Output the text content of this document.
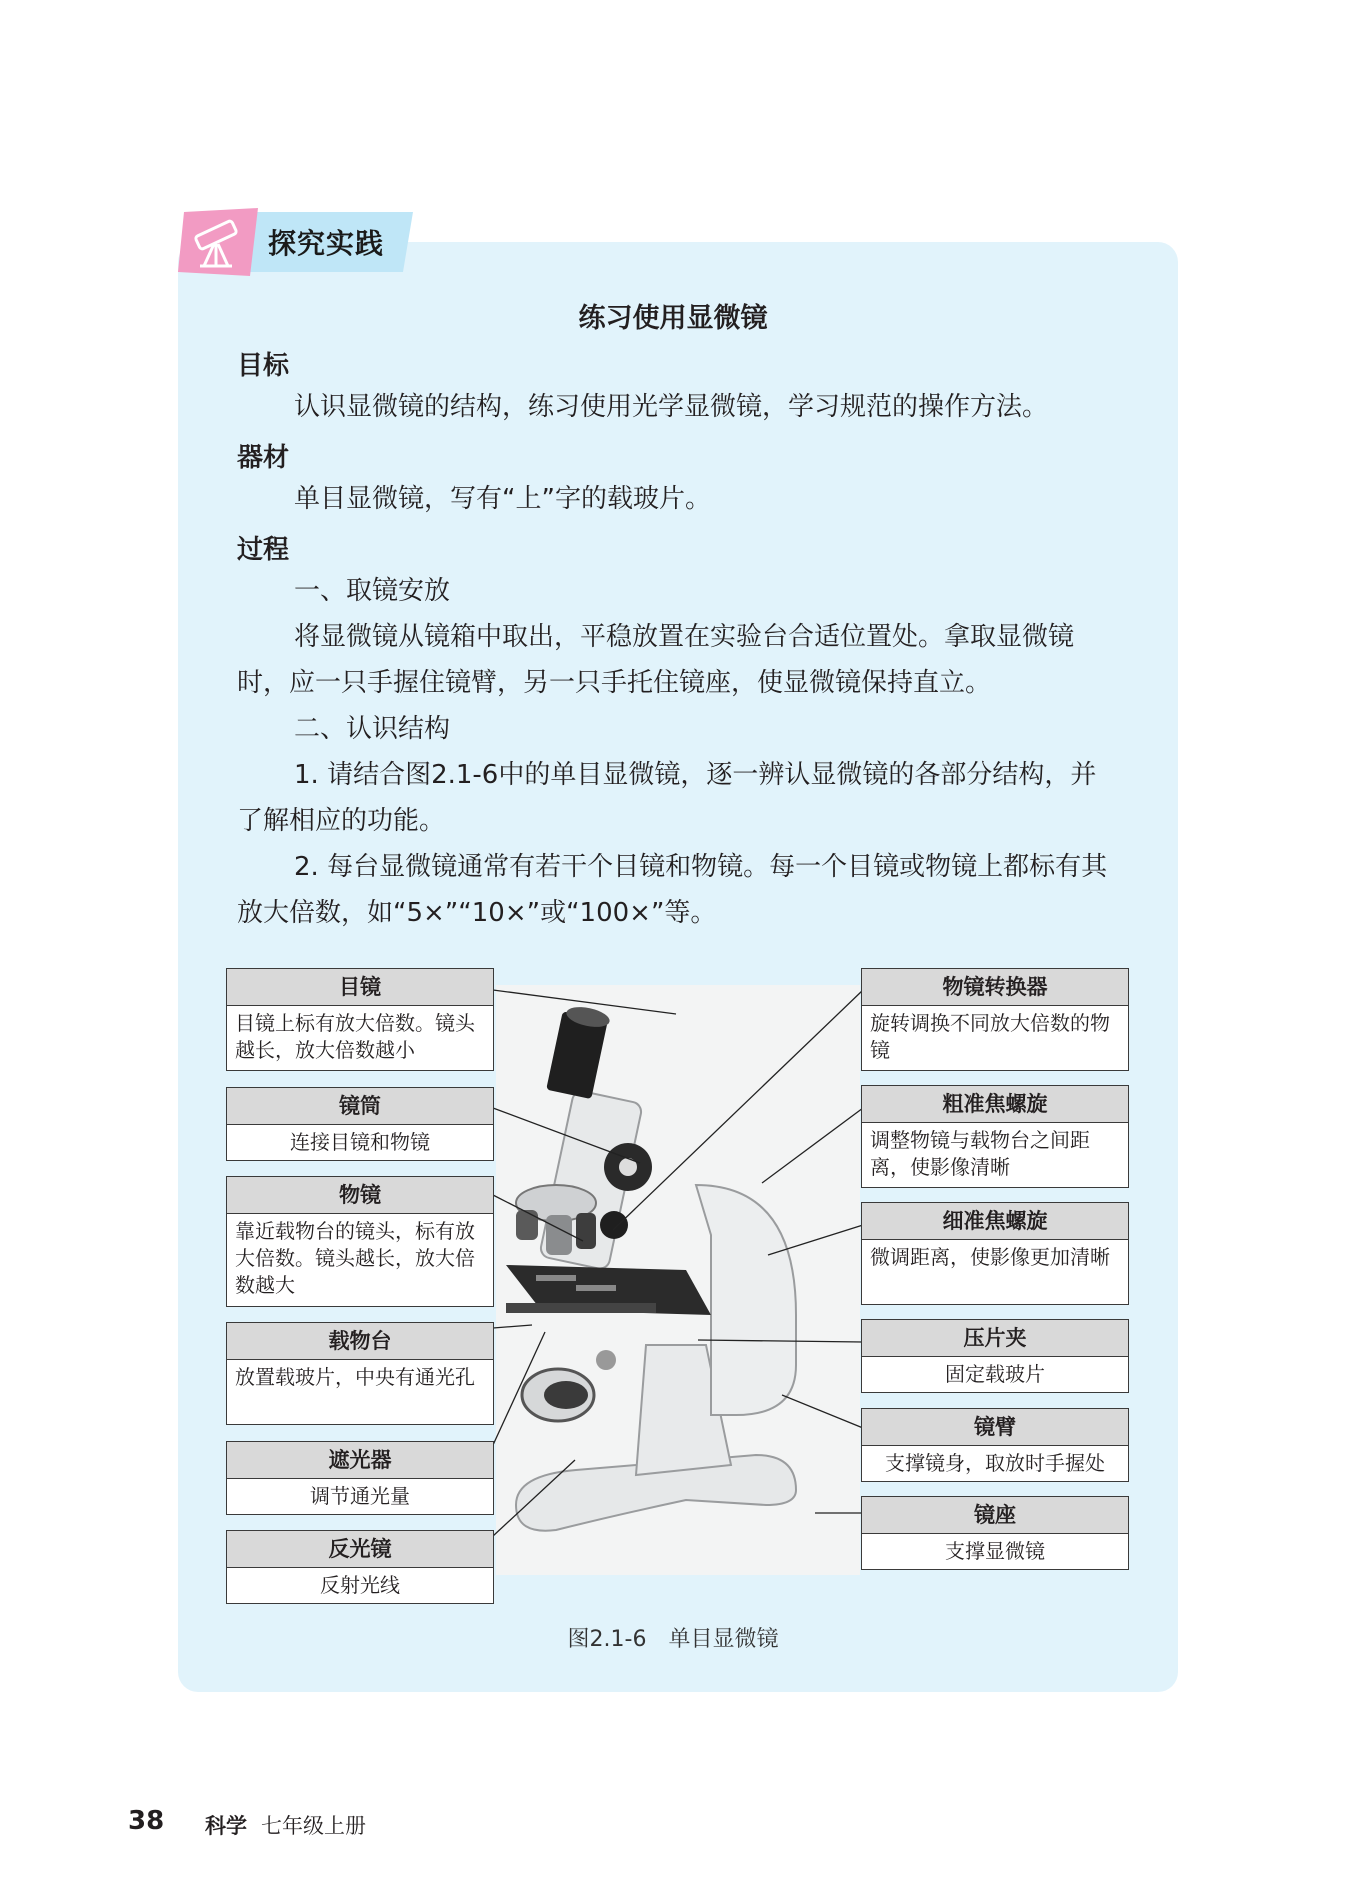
探究实践
练习使用显微镜
目标
认识显微镜的结构，练习使用光学显微镜，学习规范的操作方法。
器材
单目显微镜，写有“上”字的载玻片。
过程
一、取镜安放
将显微镜从镜箱中取出，平稳放置在实验台合适位置处。拿取显微镜时，应一只手握住镜臂，另一只手托住镜座，使显微镜保持直立。
二、认识结构
1. 请结合图2.1-6中的单目显微镜，逐一辨认显微镜的各部分结构，并了解相应的功能。
2. 每台显微镜通常有若干个目镜和物镜。每一个目镜或物镜上都标有其放大倍数，如“5×”“10×”或“100×”等。
目镜
目镜上标有放大倍数。镜头越长，放大倍数越小
镜筒
连接目镜和物镜
物镜
靠近载物台的镜头，标有放大倍数。镜头越长，放大倍数越大
载物台
放置载玻片，中央有通光孔
遮光器
调节通光量
反光镜
反射光线
物镜转换器
旋转调换不同放大倍数的物镜
粗准焦螺旋
调整物镜与载物台之间距离，使影像清晰
细准焦螺旋
微调距离，使影像更加清晰
压片夹
固定载玻片
镜臂
支撑镜身，取放时手握处
镜座
支撑显微镜
图2.1-6　单目显微镜
38 科学 七年级上册
